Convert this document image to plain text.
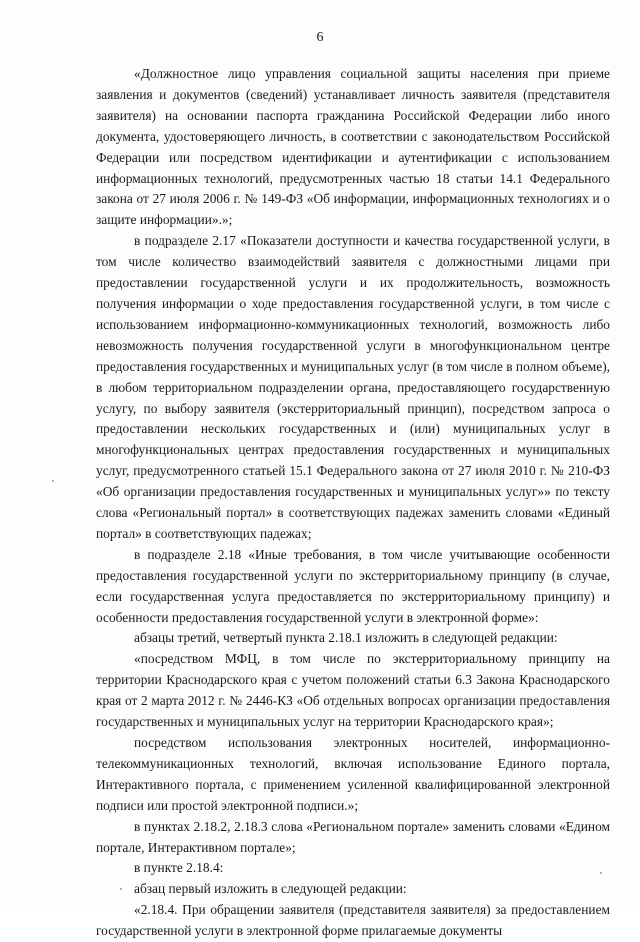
6

«Должностное лицо управления социальной защиты населения при приеме заявления и документов (сведений) устанавливает личность заявителя (представителя заявителя) на основании паспорта гражданина Российской Федерации либо иного документа, удостоверяющего личность, в соответствии с законодательством Российской Федерации или посредством идентификации и аутентификации с использованием информационных технологий, предусмотренных частью 18 статьи 14.1 Федерального закона от 27 июля 2006 г. № 149-ФЗ «Об информации, информационных технологиях и о защите информации».»;

в подразделе 2.17 «Показатели доступности и качества государственной услуги, в том числе количество взаимодействий заявителя с должностными лицами при предоставлении государственной услуги и их продолжительность, возможность получения информации о ходе предоставления государственной услуги, в том числе с использованием информационно-коммуникационных технологий, возможность либо невозможность получения государственной услуги в многофункциональном центре предоставления государственных и муниципальных услуг (в том числе в полном объеме), в любом территориальном подразделении органа, предоставляющего государственную услугу, по выбору заявителя (экстерриториальный принцип), посредством запроса о предоставлении нескольких государственных и (или) муниципальных услуг в многофункциональных центрах предоставления государственных и муниципальных услуг, предусмотренного статьей 15.1 Федерального закона от 27 июля 2010 г. № 210-ФЗ «Об организации предоставления государственных и муниципальных услуг»» по тексту слова «Региональный портал» в соответствующих падежах заменить словами «Единый портал» в соответствующих падежах;

в подразделе 2.18 «Иные требования, в том числе учитывающие особенности предоставления государственной услуги по экстерриториальному принципу (в случае, если государственная услуга предоставляется по экстерриториальному принципу) и особенности предоставления государственной услуги в электронной форме»:

абзацы третий, четвертый пункта 2.18.1 изложить в следующей редакции:

«посредством МФЦ, в том числе по экстерриториальному принципу на территории Краснодарского края с учетом положений статьи 6.3 Закона Краснодарского края от 2 марта 2012 г. № 2446-КЗ «Об отдельных вопросах организации предоставления государственных и муниципальных услуг на территории Краснодарского края»;

посредством использования электронных носителей, информационно-телекоммуникационных технологий, включая использование Единого портала, Интерактивного портала, с применением усиленной квалифицированной электронной подписи или простой электронной подписи.»;

в пунктах 2.18.2, 2.18.3 слова «Региональном портале» заменить словами «Едином портале, Интерактивном портале»;

в пункте 2.18.4:

абзац первый изложить в следующей редакции:

«2.18.4. При обращении заявителя (представителя заявителя) за предоставлением государственной услуги в электронной форме прилагаемые документы
